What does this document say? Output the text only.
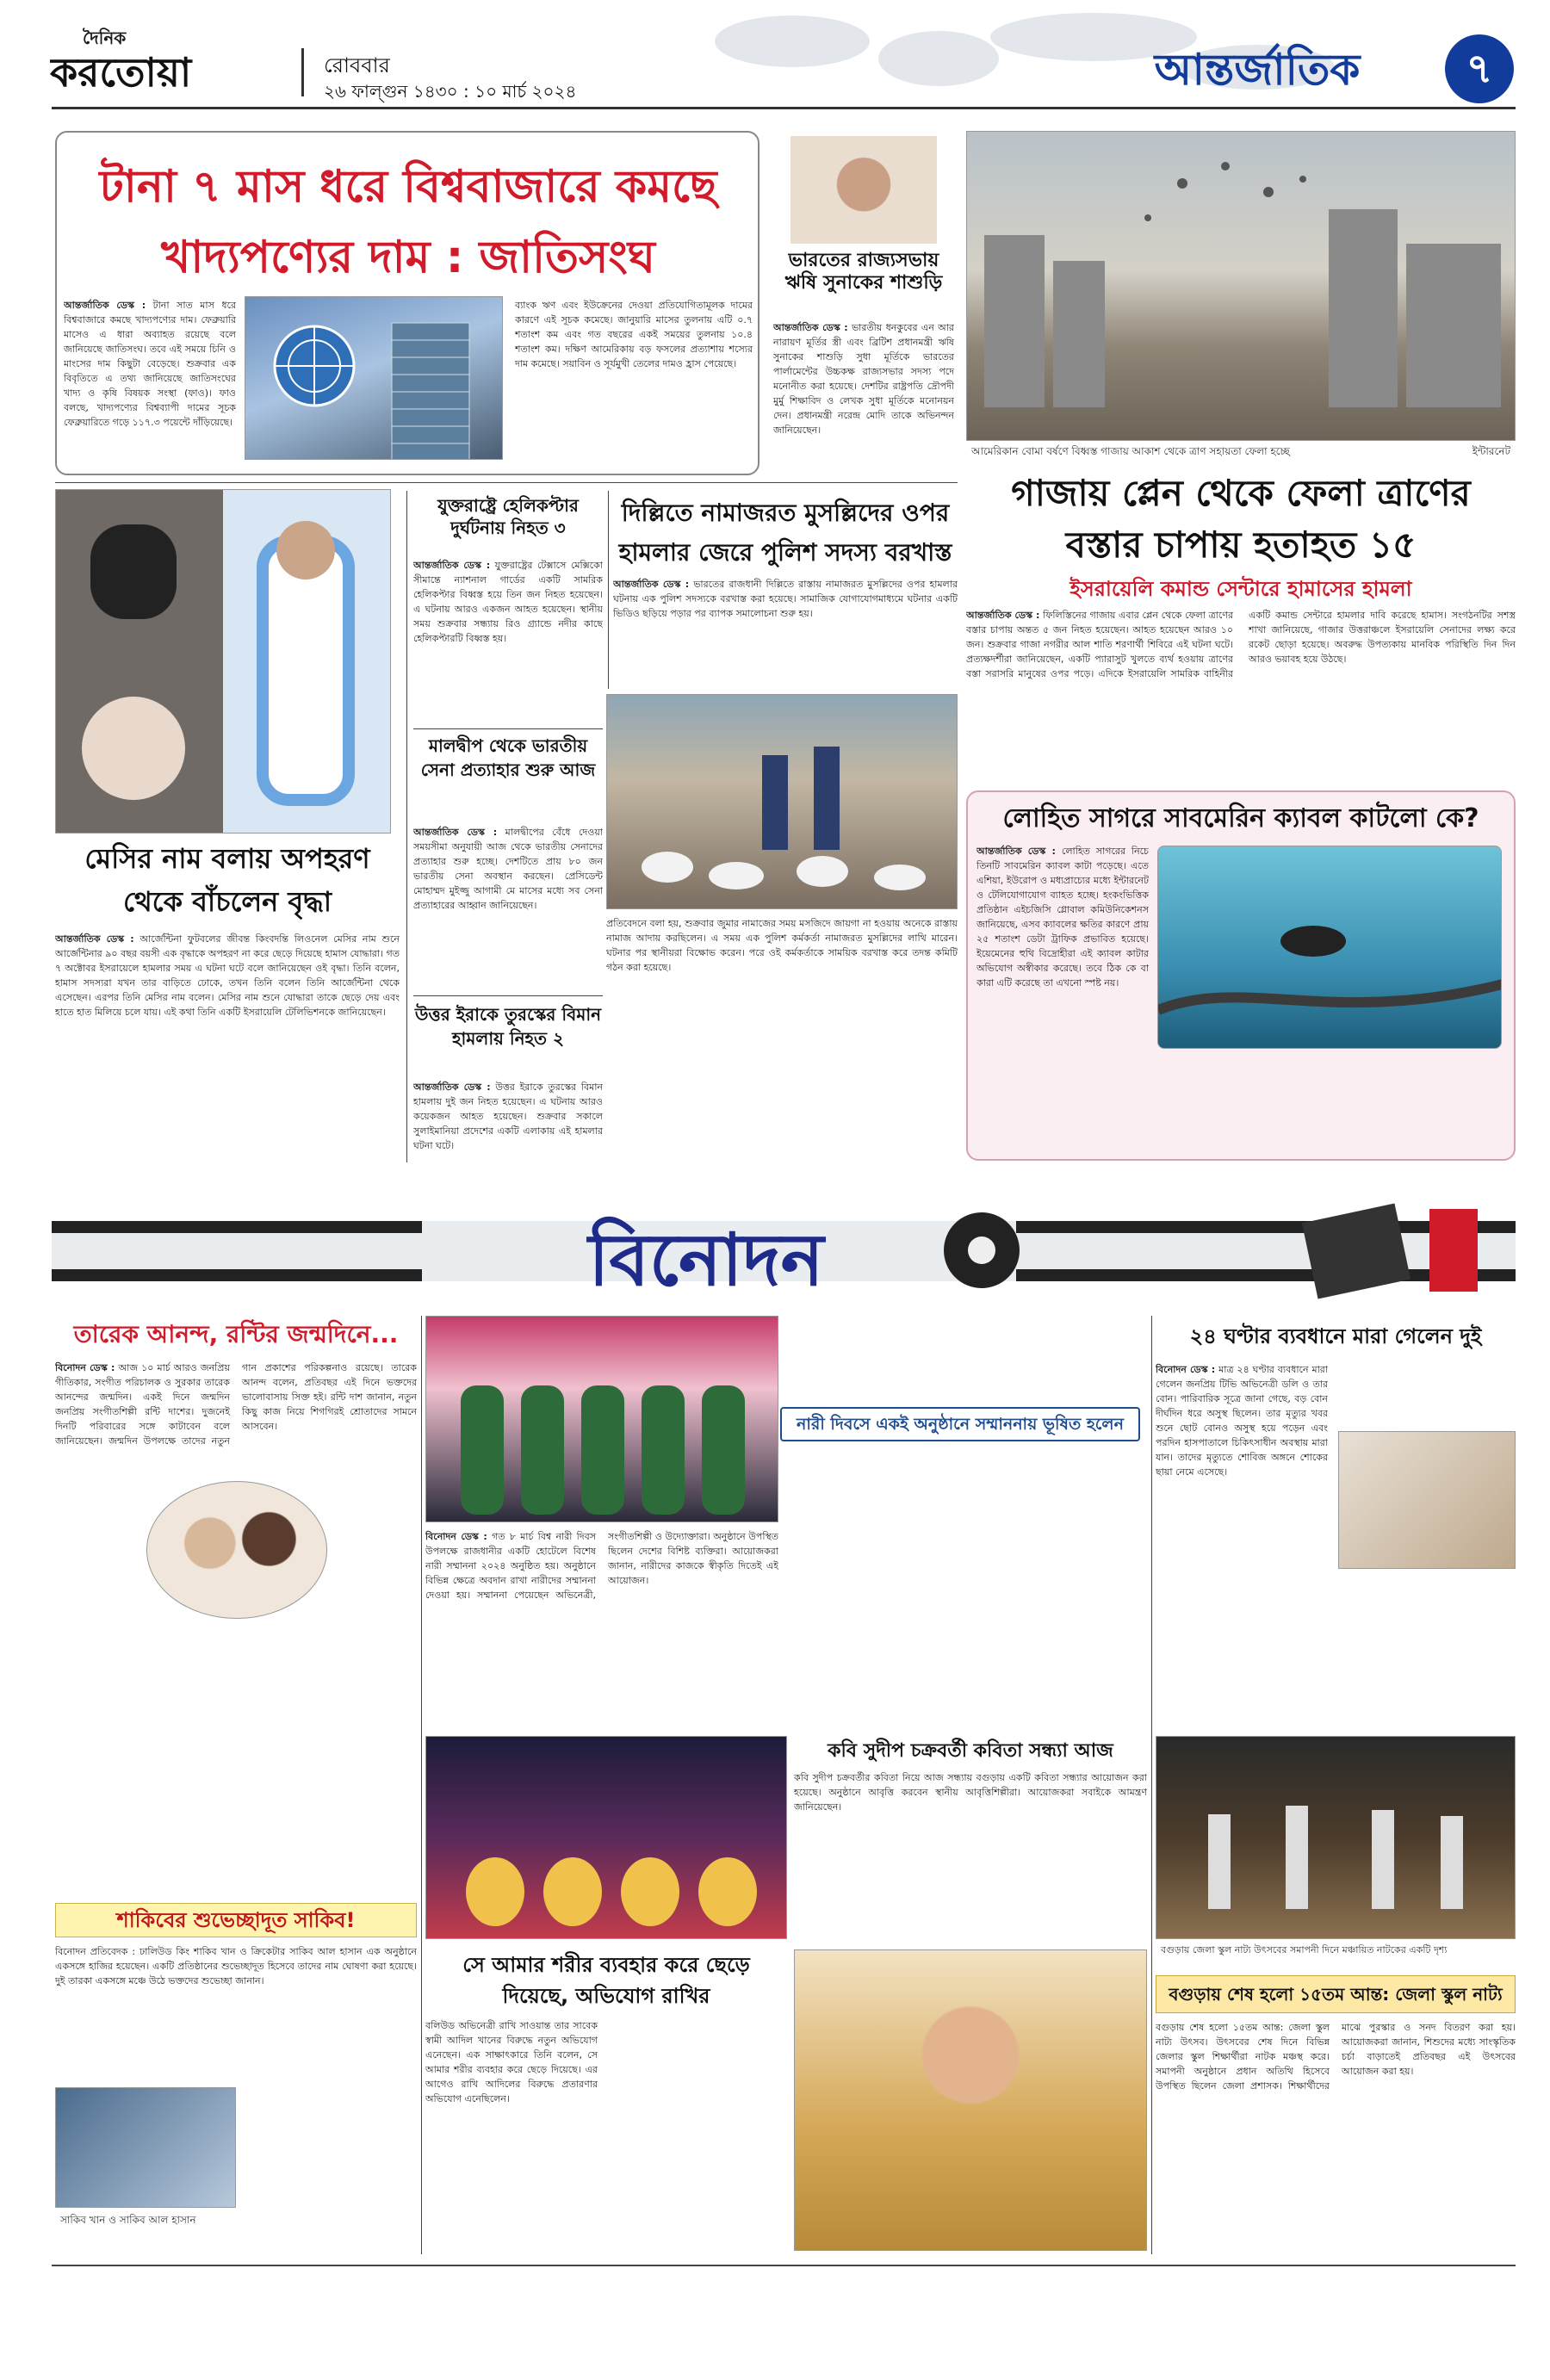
দৈনিক
করতোয়া	রোববার
২৬ ফাল্গুন ১৪৩০ : ১০ মার্চ ২০২৪	আন্তর্জাতিক	৭
টানা ৭ মাস ধরে বিশ্ববাজারে কমছে
খাদ্যপণ্যের দাম : জাতিসংঘ
আন্তর্জাতিক ডেস্ক : টানা সাত মাস ধরে বিশ্ববাজারে কমছে খাদ্যপণ্যের দাম। ফেব্রুয়ারি মাসেও এ ধারা অব্যাহত রয়েছে বলে জানিয়েছে জাতিসংঘ। তবে এই সময়ে চিনি ও মাংসের দাম কিছুটা বেড়েছে। শুক্রবার এক বিবৃতিতে এ তথ্য জানিয়েছে জাতিসংঘের খাদ্য ও কৃষি বিষয়ক সংস্থা (ফাও)। ফাও বলছে, খাদ্যপণ্যের বিশ্বব্যাপী দামের সূচক ফেব্রুয়ারিতে গড়ে ১১৭.৩ পয়েন্টে দাঁড়িয়েছে।
ব্যাংক ঋণ এবং ইউক্রেনের দেওয়া প্রতিযোগিতামূলক দামের কারণে এই সূচক কমেছে। জানুয়ারি মাসের তুলনায় এটি ০.৭ শতাংশ কম এবং গত বছরের একই সময়ের তুলনায় ১০.৪ শতাংশ কম। দক্ষিণ আমেরিকায় বড় ফসলের প্রত্যাশায় শস্যের দাম কমেছে। সয়াবিন ও সূর্যমুখী তেলের দামও হ্রাস পেয়েছে।
ভারতের রাজ্যসভায় ঋষি সুনাকের শাশুড়ি
আন্তর্জাতিক ডেস্ক : ভারতীয় ধনকুবের এন আর নারায়ণ মূর্তির স্ত্রী এবং ব্রিটিশ প্রধানমন্ত্রী ঋষি সুনাকের শাশুড়ি সুধা মূর্তিকে ভারতের পার্লামেন্টের উচ্চকক্ষ রাজ্যসভার সদস্য পদে মনোনীত করা হয়েছে। দেশটির রাষ্ট্রপতি দ্রৌপদী মুর্মু শিক্ষাবিদ ও লেখক সুধা মূর্তিকে মনোনয়ন দেন। প্রধানমন্ত্রী নরেন্দ্র মোদি তাকে অভিনন্দন জানিয়েছেন।
আমেরিকান বোমা বর্ষণে বিধ্বস্ত গাজায় আকাশ থেকে ত্রাণ সহায়তা ফেলা হচ্ছে	ইন্টারনেট
গাজায় প্লেন থেকে ফেলা ত্রাণের
বস্তার চাপায় হতাহত ১৫
ইসরায়েলি কমান্ড সেন্টারে হামাসের হামলা
আন্তর্জাতিক ডেস্ক : ফিলিস্তিনের গাজায় এবার প্লেন থেকে ফেলা ত্রাণের বস্তার চাপায় অন্তত ৫ জন নিহত হয়েছেন। আহত হয়েছেন আরও ১০ জন। শুক্রবার গাজা নগরীর আল শাতি শরণার্থী শিবিরে এই ঘটনা ঘটে। প্রত্যক্ষদর্শীরা জানিয়েছেন, একটি প্যারাসুট খুলতে ব্যর্থ হওয়ায় ত্রাণের বস্তা সরাসরি মানুষের ওপর পড়ে। এদিকে ইসরায়েলি সামরিক বাহিনীর একটি কমান্ড সেন্টারে হামলার দাবি করেছে হামাস। সংগঠনটির সশস্ত্র শাখা জানিয়েছে, গাজার উত্তরাঞ্চলে ইসরায়েলি সেনাদের লক্ষ্য করে রকেট ছোড়া হয়েছে। অবরুদ্ধ উপত্যকায় মানবিক পরিস্থিতি দিন দিন আরও ভয়াবহ হয়ে উঠছে।
মেসির নাম বলায় অপহরণ
থেকে বাঁচলেন বৃদ্ধা
আন্তর্জাতিক ডেস্ক : আর্জেন্টিনা ফুটবলের জীবন্ত কিংবদন্তি লিওনেল মেসির নাম শুনে আর্জেন্টিনার ৯০ বছর বয়সী এক বৃদ্ধাকে অপহরণ না করে ছেড়ে দিয়েছে হামাস যোদ্ধারা। গত ৭ অক্টোবর ইসরায়েলে হামলার সময় এ ঘটনা ঘটে বলে জানিয়েছেন ওই বৃদ্ধা। তিনি বলেন, হামাস সদস্যরা যখন তার বাড়িতে ঢোকে, তখন তিনি বলেন তিনি আর্জেন্টিনা থেকে এসেছেন। এরপর তিনি মেসির নাম বলেন। মেসির নাম শুনে যোদ্ধারা তাকে ছেড়ে দেয় এবং হাতে হাত মিলিয়ে চলে যায়। এই কথা তিনি একটি ইসরায়েলি টেলিভিশনকে জানিয়েছেন।
যুক্তরাষ্ট্রে হেলিকপ্টার দুর্ঘটনায় নিহত ৩
আন্তর্জাতিক ডেস্ক : যুক্তরাষ্ট্রের টেক্সাসে মেক্সিকো সীমান্তে ন্যাশনাল গার্ডের একটি সামরিক হেলিকপ্টার বিধ্বস্ত হয়ে তিন জন নিহত হয়েছেন। এ ঘটনায় আরও একজন আহত হয়েছেন। স্থানীয় সময় শুক্রবার সন্ধ্যায় রিও গ্র্যান্ডে নদীর কাছে হেলিকপ্টারটি বিধ্বস্ত হয়।
মালদ্বীপ থেকে ভারতীয় সেনা প্রত্যাহার শুরু আজ
আন্তর্জাতিক ডেস্ক : মালদ্বীপের বেঁধে দেওয়া সময়সীমা অনুযায়ী আজ থেকে ভারতীয় সেনাদের প্রত্যাহার শুরু হচ্ছে। দেশটিতে প্রায় ৮০ জন ভারতীয় সেনা অবস্থান করছেন। প্রেসিডেন্ট মোহাম্মদ মুইজ্জু আগামী মে মাসের মধ্যে সব সেনা প্রত্যাহারের আহ্বান জানিয়েছেন।
উত্তর ইরাকে তুরস্কের বিমান হামলায় নিহত ২
আন্তর্জাতিক ডেস্ক : উত্তর ইরাকে তুরস্কের বিমান হামলায় দুই জন নিহত হয়েছেন। এ ঘটনায় আরও কয়েকজন আহত হয়েছেন। শুক্রবার সকালে সুলাইমানিয়া প্রদেশের একটি এলাকায় এই হামলার ঘটনা ঘটে।
দিল্লিতে নামাজরত মুসল্লিদের ওপর
হামলার জেরে পুলিশ সদস্য বরখাস্ত
আন্তর্জাতিক ডেস্ক : ভারতের রাজধানী দিল্লিতে রাস্তায় নামাজরত মুসল্লিদের ওপর হামলার ঘটনায় এক পুলিশ সদস্যকে বরখাস্ত করা হয়েছে। সামাজিক যোগাযোগমাধ্যমে ঘটনার একটি ভিডিও ছড়িয়ে পড়ার পর ব্যাপক সমালোচনা শুরু হয়।
প্রতিবেদনে বলা হয়, শুক্রবার জুমার নামাজের সময় মসজিদে জায়গা না হওয়ায় অনেকে রাস্তায় নামাজ আদায় করছিলেন। এ সময় এক পুলিশ কর্মকর্তা নামাজরত মুসল্লিদের লাথি মারেন। ঘটনার পর স্থানীয়রা বিক্ষোভ করেন। পরে ওই কর্মকর্তাকে সাময়িক বরখাস্ত করে তদন্ত কমিটি গঠন করা হয়েছে।
লোহিত সাগরে সাবমেরিন ক্যাবল কাটলো কে?
আন্তর্জাতিক ডেস্ক : লোহিত সাগরের নিচে তিনটি সাবমেরিন ক্যাবল কাটা পড়েছে। এতে এশিয়া, ইউরোপ ও মধ্যপ্রাচ্যের মধ্যে ইন্টারনেট ও টেলিযোগাযোগ ব্যাহত হচ্ছে। হংকংভিত্তিক প্রতিষ্ঠান এইচজিসি গ্লোবাল কমিউনিকেশনস জানিয়েছে, এসব ক্যাবলের ক্ষতির কারণে প্রায় ২৫ শতাংশ ডেটা ট্রাফিক প্রভাবিত হয়েছে। ইয়েমেনের হুথি বিদ্রোহীরা এই ক্যাবল কাটার অভিযোগ অস্বীকার করেছে। তবে ঠিক কে বা কারা এটি করেছে তা এখনো স্পষ্ট নয়।
বিনোদন
তারেক আনন্দ, রন্টির জন্মদিনে...
বিনোদন ডেস্ক : আজ ১০ মার্চ আরও জনপ্রিয় গীতিকার, সংগীত পরিচালক ও সুরকার তারেক আনন্দের জন্মদিন। একই দিনে জন্মদিন জনপ্রিয় সংগীতশিল্পী রন্টি দাশের। দুজনেই দিনটি পরিবারের সঙ্গে কাটাবেন বলে জানিয়েছেন। জন্মদিন উপলক্ষে তাদের নতুন গান প্রকাশের পরিকল্পনাও রয়েছে। তারেক আনন্দ বলেন, প্রতিবছর এই দিনে ভক্তদের ভালোবাসায় সিক্ত হই। রন্টি দাশ জানান, নতুন কিছু কাজ নিয়ে শিগগিরই শ্রোতাদের সামনে আসবেন।
শাকিবের শুভেচ্ছাদূত সাকিব!
বিনোদন প্রতিবেদক : ঢালিউড কিং শাকিব খান ও ক্রিকেটার সাকিব আল হাসান এক অনুষ্ঠানে একসঙ্গে হাজির হয়েছেন। একটি প্রতিষ্ঠানের শুভেচ্ছাদূত হিসেবে তাদের নাম ঘোষণা করা হয়েছে। দুই তারকা একসঙ্গে মঞ্চে উঠে ভক্তদের শুভেচ্ছা জানান।
সাকিব খান ও সাকিব আল হাসান
বিনোদন ডেস্ক : গত ৮ মার্চ বিশ্ব নারী দিবস উপলক্ষে রাজধানীর একটি হোটেলে বিশেষ নারী সম্মাননা ২০২৪ অনুষ্ঠিত হয়। অনুষ্ঠানে বিভিন্ন ক্ষেত্রে অবদান রাখা নারীদের সম্মাননা দেওয়া হয়। সম্মাননা পেয়েছেন অভিনেত্রী, সংগীতশিল্পী ও উদ্যোক্তারা। অনুষ্ঠানে উপস্থিত ছিলেন দেশের বিশিষ্ট ব্যক্তিরা। আয়োজকরা জানান, নারীদের কাজকে স্বীকৃতি দিতেই এই আয়োজন।
নারী দিবসে একই অনুষ্ঠানে সম্মাননায় ভূষিত হলেন
২৪ ঘণ্টার ব্যবধানে মারা গেলেন দুই
বিনোদন ডেস্ক : মাত্র ২৪ ঘণ্টার ব্যবধানে মারা গেলেন জনপ্রিয় টিভি অভিনেত্রী ডলি ও তার বোন। পারিবারিক সূত্রে জানা গেছে, বড় বোন দীর্ঘদিন ধরে অসুস্থ ছিলেন। তার মৃত্যুর খবর শুনে ছোট বোনও অসুস্থ হয়ে পড়েন এবং পরদিন হাসপাতালে চিকিৎসাধীন অবস্থায় মারা যান। তাদের মৃত্যুতে শোবিজ অঙ্গনে শোকের ছায়া নেমে এসেছে।
কবি সুদীপ চক্রবর্তী কবিতা সন্ধ্যা আজ
কবি সুদীপ চক্রবর্তীর কবিতা নিয়ে আজ সন্ধ্যায় বগুড়ায় একটি কবিতা সন্ধ্যার আয়োজন করা হয়েছে। অনুষ্ঠানে আবৃত্তি করবেন স্থানীয় আবৃত্তিশিল্পীরা। আয়োজকরা সবাইকে আমন্ত্রণ জানিয়েছেন।
বগুড়ায় জেলা স্কুল নাট্য উৎসবের সমাপনী দিনে মঞ্চায়িত নাটকের একটি দৃশ্য
সে আমার শরীর ব্যবহার করে ছেড়ে
দিয়েছে, অভিযোগ রাখির
বলিউড অভিনেত্রী রাখি সাওয়ান্ত তার সাবেক স্বামী আদিল খানের বিরুদ্ধে নতুন অভিযোগ এনেছেন। এক সাক্ষাৎকারে তিনি বলেন, সে আমার শরীর ব্যবহার করে ছেড়ে দিয়েছে। এর আগেও রাখি আদিলের বিরুদ্ধে প্রতারণার অভিযোগ এনেছিলেন।
বগুড়ায় শেষ হলো ১৫তম আন্ত: জেলা স্কুল নাট্য
বগুড়ায় শেষ হলো ১৫তম আন্ত: জেলা স্কুল নাট্য উৎসব। উৎসবের শেষ দিনে বিভিন্ন জেলার স্কুল শিক্ষার্থীরা নাটক মঞ্চস্থ করে। সমাপনী অনুষ্ঠানে প্রধান অতিথি হিসেবে উপস্থিত ছিলেন জেলা প্রশাসক। শিক্ষার্থীদের মাঝে পুরস্কার ও সনদ বিতরণ করা হয়। আয়োজকরা জানান, শিশুদের মধ্যে সাংস্কৃতিক চর্চা বাড়াতেই প্রতিবছর এই উৎসবের আয়োজন করা হয়।
